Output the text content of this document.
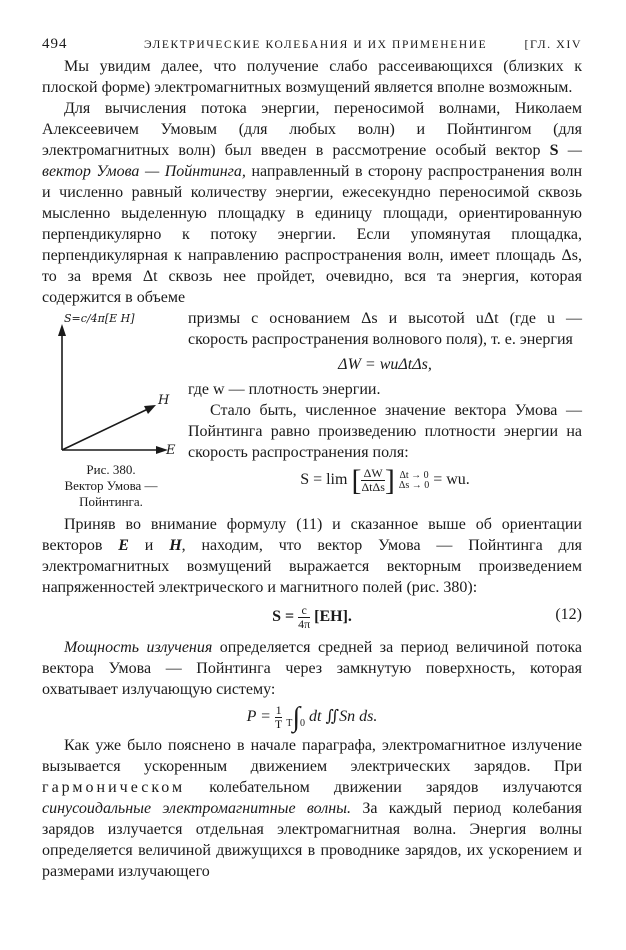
494	ЭЛЕКТРИЧЕСКИЕ КОЛЕБАНИЯ И ИХ ПРИМЕНЕНИЕ	[ГЛ. XIV

Мы увидим далее, что получение слабо рассеивающихся (близких к плоской форме) электромагнитных возмущений является вполне возможным.

Для вычисления потока энергии, переносимой волнами, Николаем Алексеевичем Умовым (для любых волн) и Пойнтингом (для электромагнитных волн) был введен в рассмотрение особый вектор S — вектор Умова — Пойнтинга, направленный в сторону распространения волн и численно равный количеству энергии, ежесекундно переносимой сквозь мысленно выделенную площадку в единицу площади, ориентированную перпендикулярно к потоку энергии. Если упомянутая площадка, перпендикулярная к направлению распространения волн, имеет площадь Δs, то за время Δt сквозь нее пройдет, очевидно, вся та энергия, которая содержится в объеме

S=c/4π[E H]
E
H
Рис. 380.
Вектор Умова — Пойнтинга.

призмы с основанием Δs и высотой uΔt (где u — скорость распространения волнового поля), т. е. энергия

ΔW = wuΔtΔs,

где w — плотность энергии.

Стало быть, численное значение вектора Умова — Пойнтинга равно произведению плотности энергии на скорость распространения поля:

S = lim [ $\frac{\Delta W}{\text{ΔtΔs}}$ ] Δt → 0
Δs → 0 = wu.

Приняв во внимание формулу (11) и сказанное выше об ориентации векторов E и H, находим, что вектор Умова — Пойнтинга для электромагнитных возмущений выражается векторным произведением напряженностей электрического и магнитного полей (рис. 380):

$S = \frac{c}{4\pi} [EH]$.	(12)

Мощность излучения определяется средней за период величиной потока вектора Умова — Пойнтинга через замкнутую поверхность, которая охватывает излучающую систему:

$P = \frac{1}{T} T\int 0$ dt ∬Sn ds.

Как уже было пояснено в начале параграфа, электромагнитное излучение вызывается ускоренным движением электрических зарядов. При гармоническом колебательном движении зарядов излучаются синусоидальные электромагнитные волны. За каждый период колебания зарядов излучается отдельная электромагнитная волна. Энергия волны определяется величиной движущихся в проводнике зарядов, их ускорением и размерами излучающего
